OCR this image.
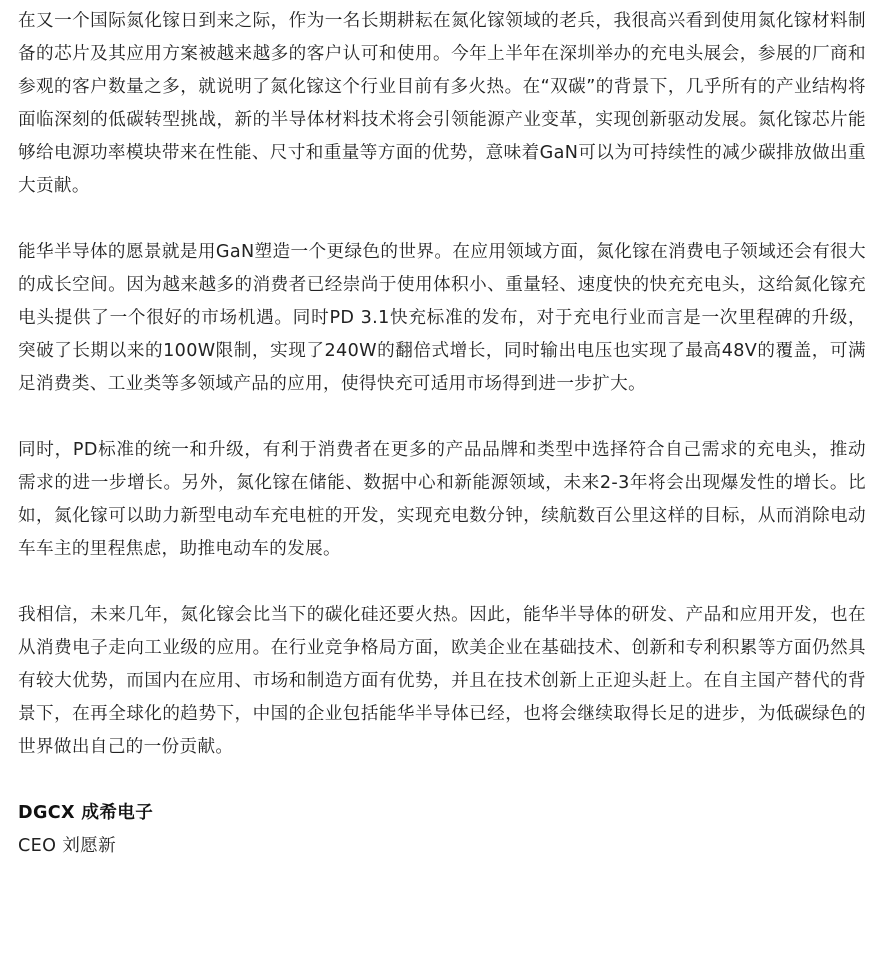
在又一个国际氮化镓日到来之际，作为一名长期耕耘在氮化镓领域的老兵，我很高兴看到使用氮化镓材料制备的芯片及其应用方案被越来越多的客户认可和使用。今年上半年在深圳举办的充电头展会，参展的厂商和参观的客户数量之多，就说明了氮化镓这个行业目前有多火热。在“双碳”的背景下，几乎所有的产业结构将面临深刻的低碳转型挑战，新的半导体材料技术将会引领能源产业变革，实现创新驱动发展。氮化镓芯片能够给电源功率模块带来在性能、尺寸和重量等方面的优势，意味着GaN可以为可持续性的减少碳排放做出重大贡献。

能华半导体的愿景就是用GaN塑造一个更绿色的世界。在应用领域方面，氮化镓在消费电子领域还会有很大的成长空间。因为越来越多的消费者已经崇尚于使用体积小、重量轻、速度快的快充充电头，这给氮化镓充电头提供了一个很好的市场机遇。同时PD 3.1快充标准的发布，对于充电行业而言是一次里程碑的升级，突破了长期以来的100W限制，实现了240W的翻倍式增长，同时输出电压也实现了最高48V的覆盖，可满足消费类、工业类等多领域产品的应用，使得快充可适用市场得到进一步扩大。

同时，PD标准的统一和升级，有利于消费者在更多的产品品牌和类型中选择符合自己需求的充电头，推动需求的进一步增长。另外，氮化镓在储能、数据中心和新能源领域，未来2-3年将会出现爆发性的增长。比如，氮化镓可以助力新型电动车充电桩的开发，实现充电数分钟，续航数百公里这样的目标，从而消除电动车车主的里程焦虑，助推电动车的发展。

我相信，未来几年，氮化镓会比当下的碳化硅还要火热。因此，能华半导体的研发、产品和应用开发，也在从消费电子走向工业级的应用。在行业竞争格局方面，欧美企业在基础技术、创新和专利积累等方面仍然具有较大优势，而国内在应用、市场和制造方面有优势，并且在技术创新上正迎头赶上。在自主国产替代的背景下，在再全球化的趋势下，中国的企业包括能华半导体已经，也将会继续取得长足的进步，为低碳绿色的世界做出自己的一份贡献。

DGCX 成希电子
CEO 刘愿新
